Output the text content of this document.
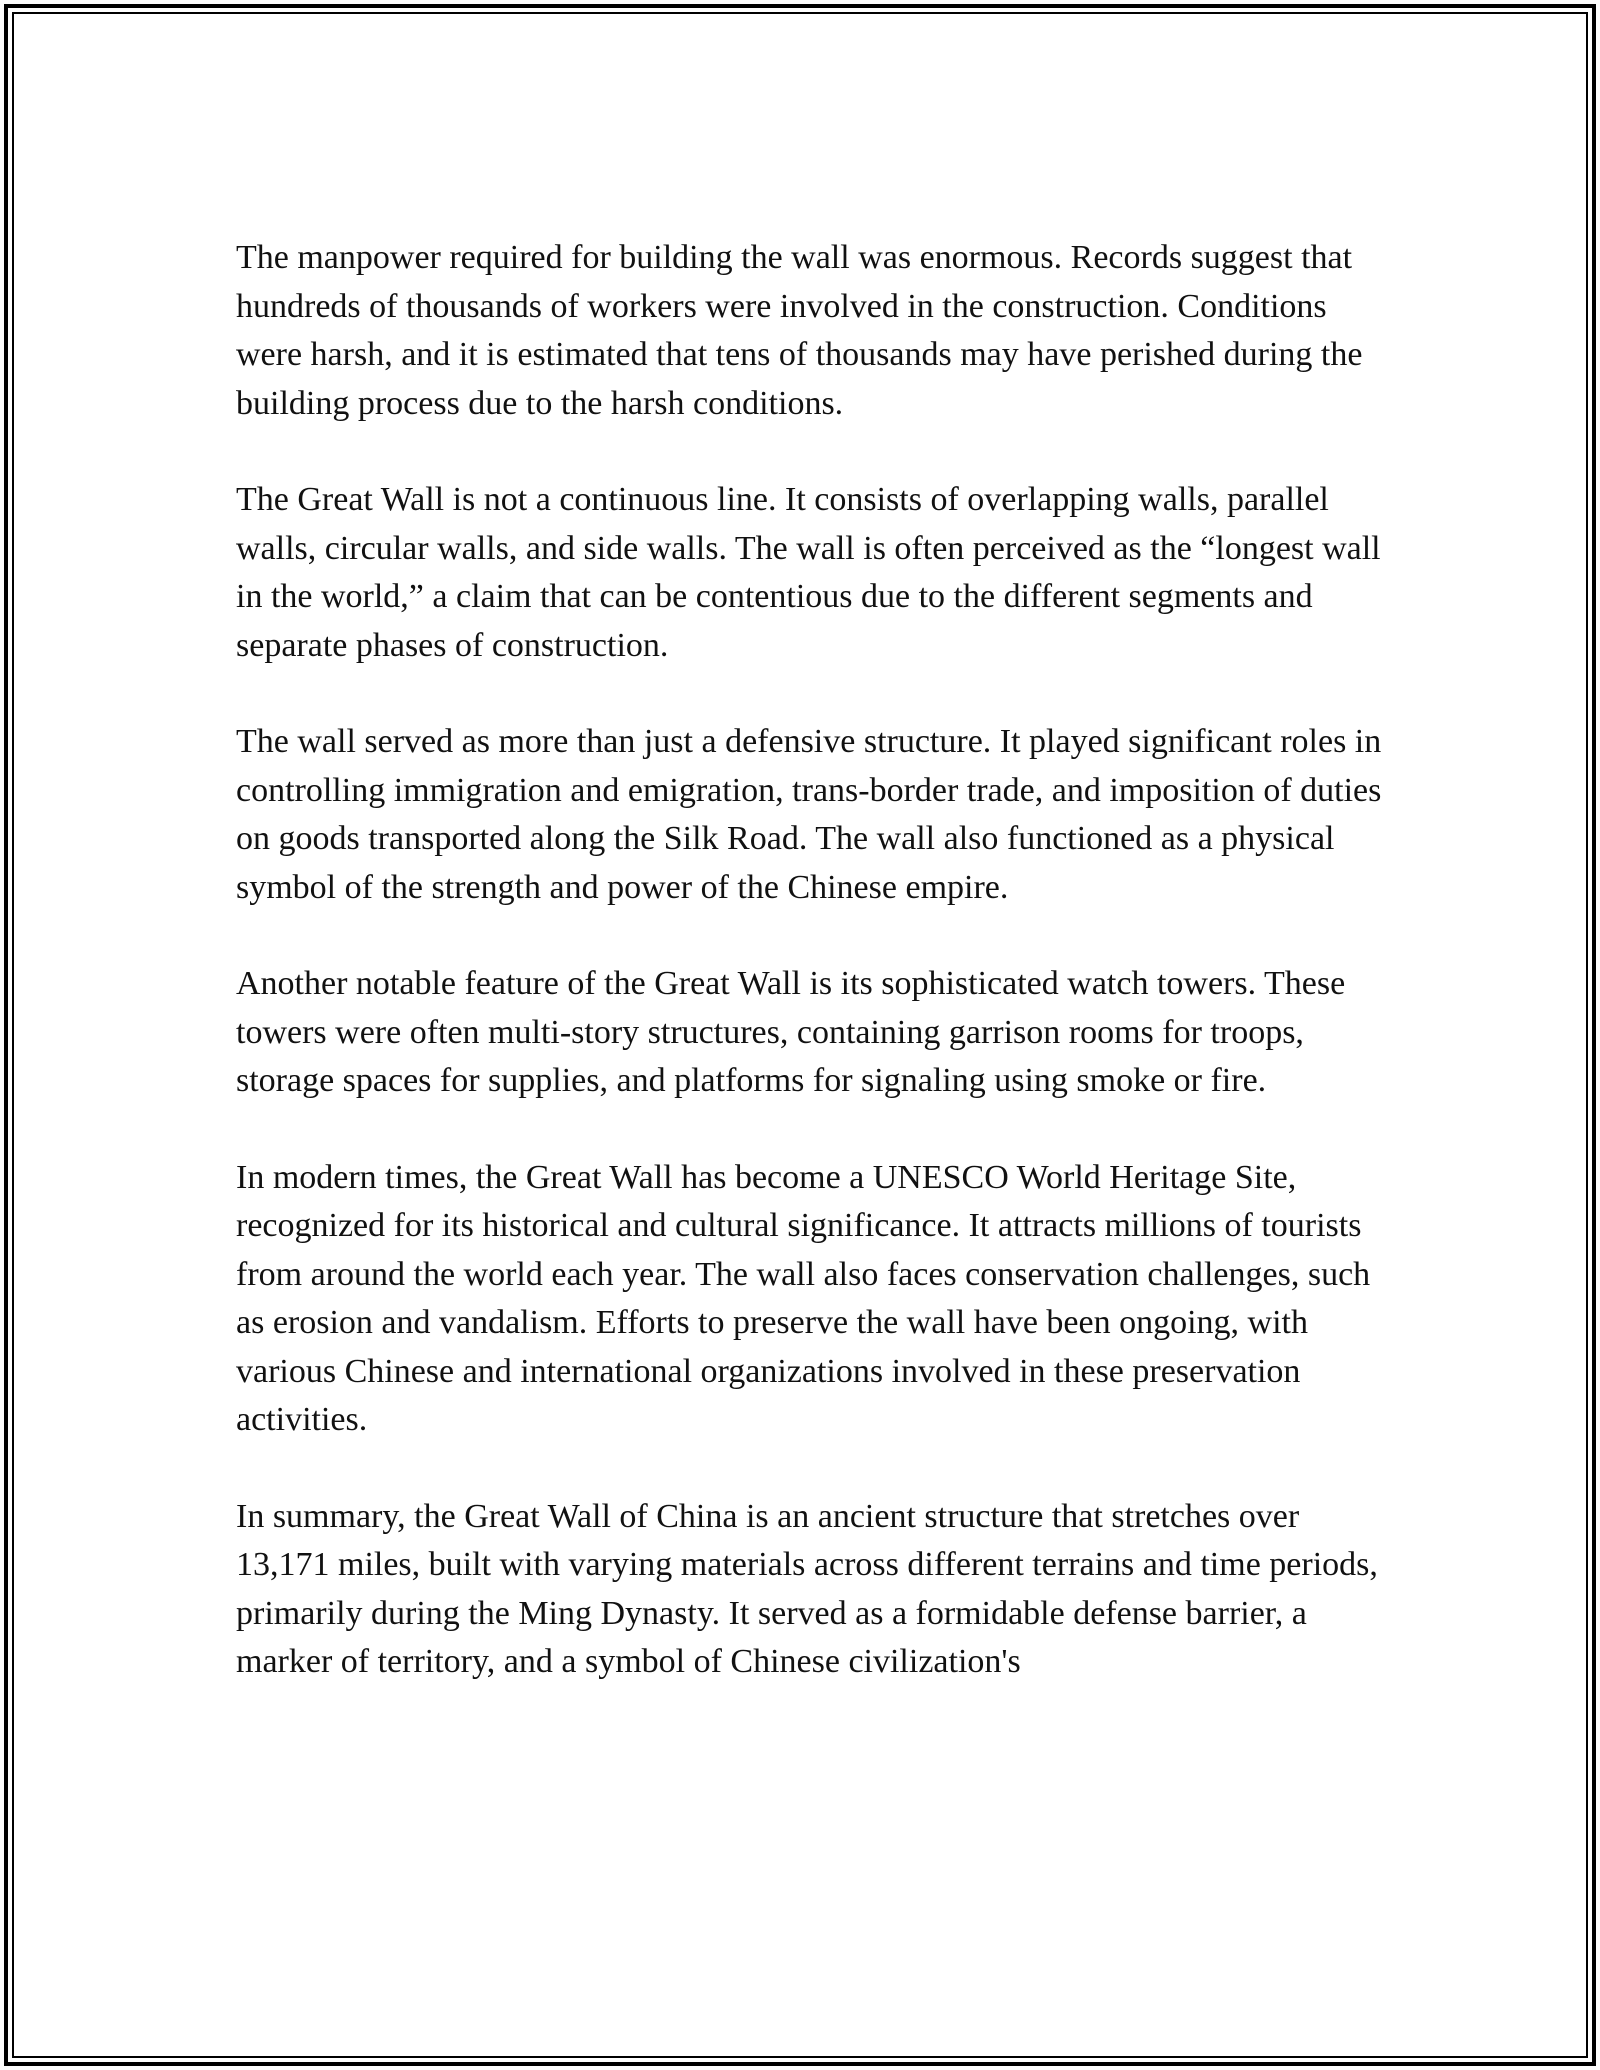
The manpower required for building the wall was enormous. Records suggest that hundreds of thousands of workers were involved in the construction. Conditions were harsh, and it is estimated that tens of thousands may have perished during the building process due to the harsh conditions.

The Great Wall is not a continuous line. It consists of overlapping walls, parallel walls, circular walls, and side walls. The wall is often perceived as the “longest wall in the world,” a claim that can be contentious due to the different segments and separate phases of construction.

The wall served as more than just a defensive structure. It played significant roles in controlling immigration and emigration, trans-border trade, and imposition of duties on goods transported along the Silk Road. The wall also functioned as a physical symbol of the strength and power of the Chinese empire.

Another notable feature of the Great Wall is its sophisticated watch towers. These towers were often multi-story structures, containing garrison rooms for troops, storage spaces for supplies, and platforms for signaling using smoke or fire.

In modern times, the Great Wall has become a UNESCO World Heritage Site, recognized for its historical and cultural significance. It attracts millions of tourists from around the world each year. The wall also faces conservation challenges, such as erosion and vandalism. Efforts to preserve the wall have been ongoing, with various Chinese and international organizations involved in these preservation activities.

In summary, the Great Wall of China is an ancient structure that stretches over 13,171 miles, built with varying materials across different terrains and time periods, primarily during the Ming Dynasty. It served as a formidable defense barrier, a marker of territory, and a symbol of Chinese civilization's
